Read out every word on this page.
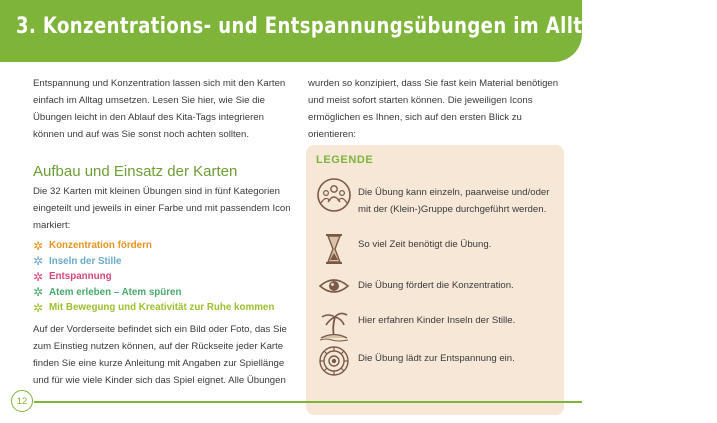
3. Konzentrations- und Entspannungsübungen im Alltag umsetzen

Entspannung und Konzentration lassen sich mit den Karten einfach im Alltag umsetzen. Lesen Sie hier, wie Sie die Übungen leicht in den Ablauf des Kita-Tags integrieren können und auf was Sie sonst noch achten sollten.

wurden so konzipiert, dass Sie fast kein Material benötigen und meist sofort starten können. Die jeweiligen Icons ermöglichen es Ihnen, sich auf den ersten Blick zu orientieren:

Aufbau und Einsatz der Karten

Die 32 Karten mit kleinen Übungen sind in fünf Kategorien eingeteilt und jeweils in einer Farbe und mit passendem Icon markiert:

✲ Konzentration fördern
✲ Inseln der Stille
✲ Entspannung
✲ Atem erleben – Atem spüren
✲ Mit Bewegung und Kreativität zur Ruhe kommen

Auf der Vorderseite befindet sich ein Bild oder Foto, das Sie zum Einstieg nutzen können, auf der Rückseite jeder Karte finden Sie eine kurze Anleitung mit Angaben zur Spiellänge und für wie viele Kinder sich das Spiel eignet. Alle Übungen

LEGENDE
Die Übung kann einzeln, paarweise und/oder mit der (Klein-)Gruppe durchgeführt werden.
So viel Zeit benötigt die Übung.
Die Übung fördert die Konzentration.
Hier erfahren Kinder Inseln der Stille.
Die Übung lädt zur Entspannung ein.
12
